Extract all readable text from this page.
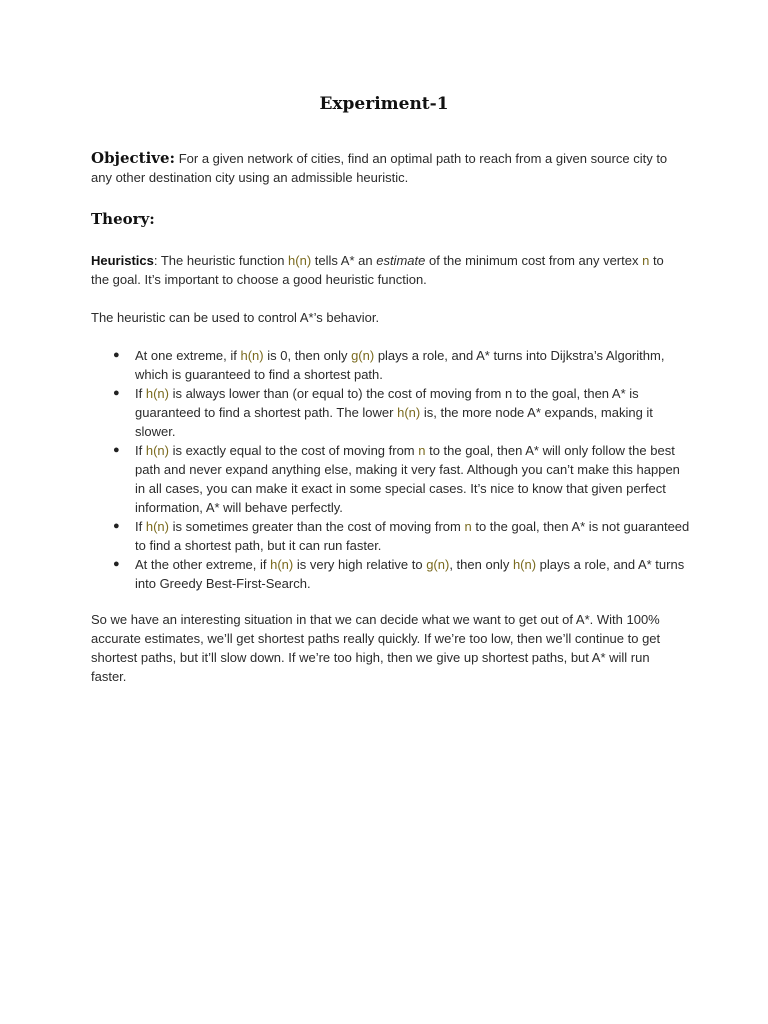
Experiment-1
Objective: For a given network of cities, find an optimal path to reach from a given source city to any other destination city using an admissible heuristic.
Theory:
Heuristics: The heuristic function h(n) tells A* an estimate of the minimum cost from any vertex n to the goal. It’s important to choose a good heuristic function.
The heuristic can be used to control A*’s behavior.
● At one extreme, if h(n) is 0, then only g(n) plays a role, and A* turns into Dijkstra’s Algorithm, which is guaranteed to find a shortest path.
● If h(n) is always lower than (or equal to) the cost of moving from n to the goal, then A* is guaranteed to find a shortest path. The lower h(n) is, the more node A* expands, making it slower.
● If h(n) is exactly equal to the cost of moving from n to the goal, then A* will only follow the best path and never expand anything else, making it very fast. Although you can’t make this happen in all cases, you can make it exact in some special cases. It’s nice to know that given perfect information, A* will behave perfectly.
● If h(n) is sometimes greater than the cost of moving from n to the goal, then A* is not guaranteed to find a shortest path, but it can run faster.
● At the other extreme, if h(n) is very high relative to g(n), then only h(n) plays a role, and A* turns into Greedy Best-First-Search.
So we have an interesting situation in that we can decide what we want to get out of A*. With 100% accurate estimates, we’ll get shortest paths really quickly. If we’re too low, then we’ll continue to get shortest paths, but it’ll slow down. If we’re too high, then we give up shortest paths, but A* will run faster.
